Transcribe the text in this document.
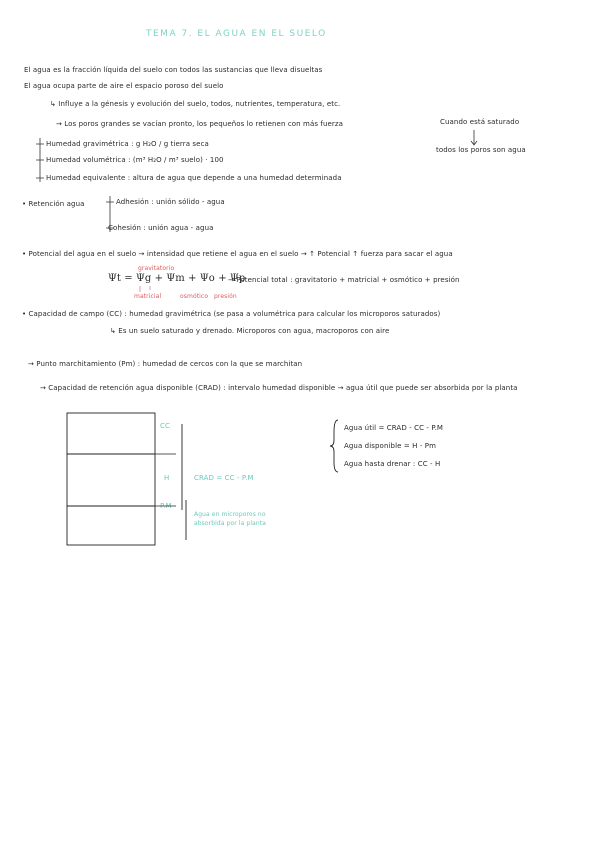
TEMA 7. EL AGUA EN EL SUELO
El agua es la fracción líquida del suelo con todos las sustancias que lleva disueltas
El agua ocupa parte de aire el espacio poroso del suelo
↳ Influye a la génesis y evolución del suelo, todos, nutrientes, temperatura, etc.
→ Los poros grandes se vacían pronto, los pequeños lo retienen con más fuerza	Cuando está saturado
todos los poros son agua
Humedad gravimétrica : g H₂O / g tierra seca
Humedad volumétrica : (m³ H₂O / m³ suelo) · 100
Humedad equivalente : altura de agua que depende a una humedad determinada
• Retención agua	Adhesión : unión sólido - agua
Cohesión : unión agua - agua
• Potencial del agua en el suelo → intensidad que retiene el agua en el suelo → ↑ Potencial ↑ fuerza para sacar el agua
gravitatorio
Ψt = Ψg + Ψm + Ψo + Ψp
→ Potencial total : gravitatorio + matricial + osmótico + presión
matricial	osmótico presión
• Capacidad de campo (CC) : humedad gravimétrica (se pasa a volumétrica para calcular los microporos saturados)
↳ Es un suelo saturado y drenado. Microporos con agua, macroporos con aire
→ Punto marchitamiento (Pm) : humedad de cercos con la que se marchitan
→ Capacidad de retención agua disponible (CRAD) : intervalo humedad disponible → agua útil que puede ser absorbida por la planta
CC
H
P.M
CRAD = CC - P.M
Agua en microporos no
absorbida por la planta
Agua útil = CRAD - CC - P.M
Agua disponible = H - Pm
Agua hasta drenar : CC - H
